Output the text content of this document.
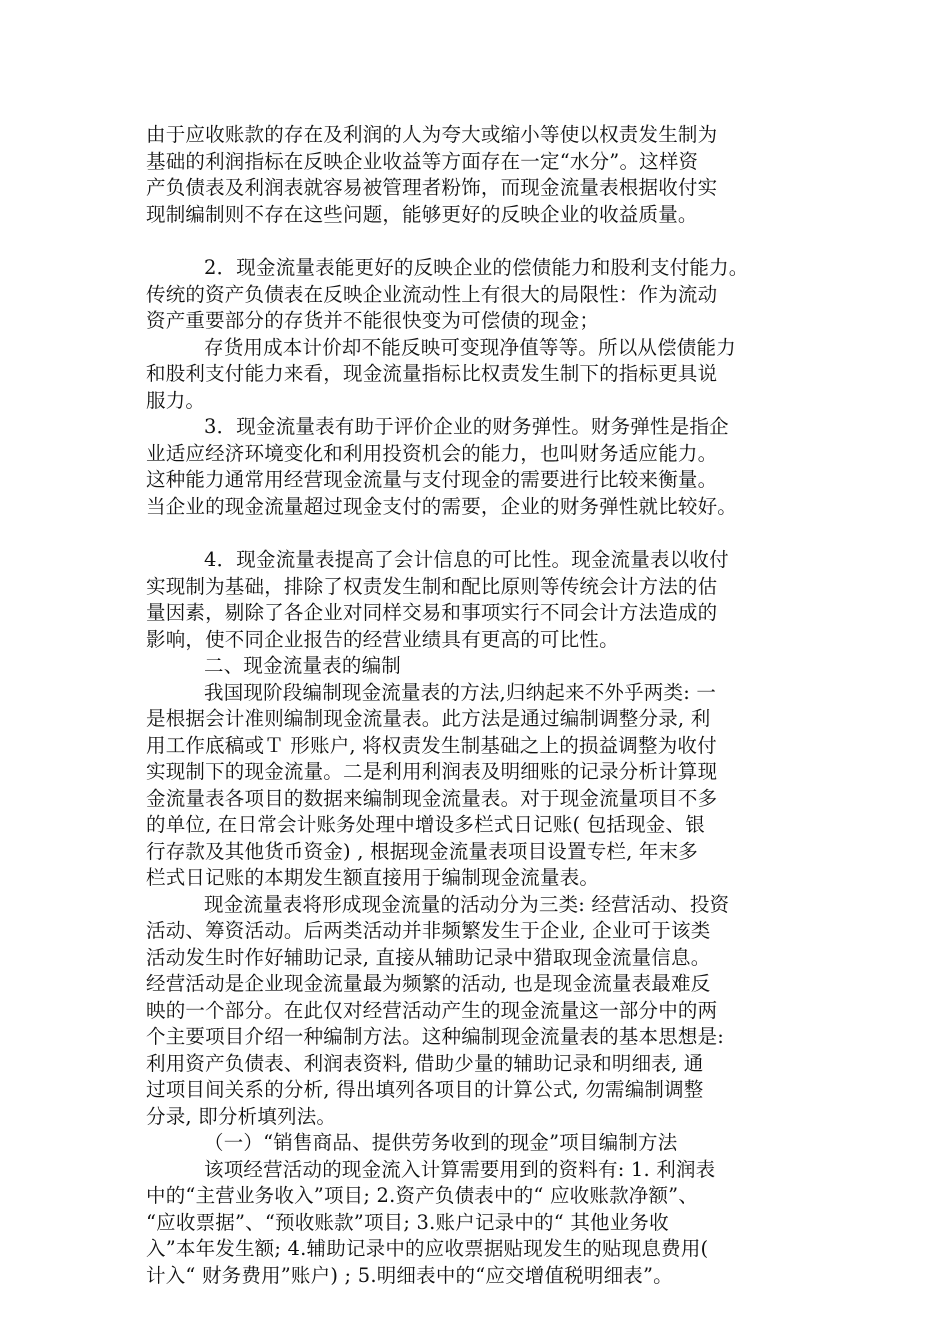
由于应收账款的存在及利润的人为夸大或缩小等使以权责发生制为
基础的利润指标在反映企业收益等方面存在一定“水分”。这样资
产负债表及利润表就容易被管理者粉饰，而现金流量表根据收付实
现制编制则不存在这些问题，能够更好的反映企业的收益质量。

2．现金流量表能更好的反映企业的偿债能力和股利支付能力。
传统的资产负债表在反映企业流动性上有很大的局限性：作为流动
资产重要部分的存货并不能很快变为可偿债的现金；

存货用成本计价却不能反映可变现净值等等。所以从偿债能力
和股利支付能力来看，现金流量指标比权责发生制下的指标更具说
服力。

3．现金流量表有助于评价企业的财务弹性。财务弹性是指企
业适应经济环境变化和利用投资机会的能力，也叫财务适应能力。
这种能力通常用经营现金流量与支付现金的需要进行比较来衡量。
当企业的现金流量超过现金支付的需要，企业的财务弹性就比较好。

4．现金流量表提高了会计信息的可比性。现金流量表以收付
实现制为基础，排除了权责发生制和配比原则等传统会计方法的估
量因素，剔除了各企业对同样交易和事项实行不同会计方法造成的
影响，使不同企业报告的经营业绩具有更高的可比性。

二、现金流量表的编制

我国现阶段编制现金流量表的方法,归纳起来不外乎两类: 一
是根据会计准则编制现金流量表。此方法是通过编制调整分录, 利
用工作底稿或Ｔ 形账户, 将权责发生制基础之上的损益调整为收付
实现制下的现金流量。二是利用利润表及明细账的记录分析计算现
金流量表各项目的数据来编制现金流量表。对于现金流量项目不多
的单位, 在日常会计账务处理中增设多栏式日记账( 包括现金、银
行存款及其他货币资金) , 根据现金流量表项目设置专栏, 年末多
栏式日记账的本期发生额直接用于编制现金流量表。

现金流量表将形成现金流量的活动分为三类: 经营活动、投资
活动、筹资活动。后两类活动并非频繁发生于企业, 企业可于该类
活动发生时作好辅助记录, 直接从辅助记录中猎取现金流量信息。
经营活动是企业现金流量最为频繁的活动, 也是现金流量表最难反
映的一个部分。在此仅对经营活动产生的现金流量这一部分中的两
个主要项目介绍一种编制方法。这种编制现金流量表的基本思想是:
利用资产负债表、利润表资料, 借助少量的辅助记录和明细表, 通
过项目间关系的分析, 得出填列各项目的计算公式, 勿需编制调整
分录, 即分析填列法。

（一）“销售商品、提供劳务收到的现金”项目编制方法

该项经营活动的现金流入计算需要用到的资料有: 1. 利润表
中的“主营业务收入”项目; 2.资产负债表中的“ 应收账款净额”、
“应收票据”、“预收账款”项目; 3.账户记录中的“ 其他业务收
入”本年发生额; 4.辅助记录中的应收票据贴现发生的贴现息费用(
计入“ 财务费用”账户) ; 5.明细表中的“应交增值税明细表”。
